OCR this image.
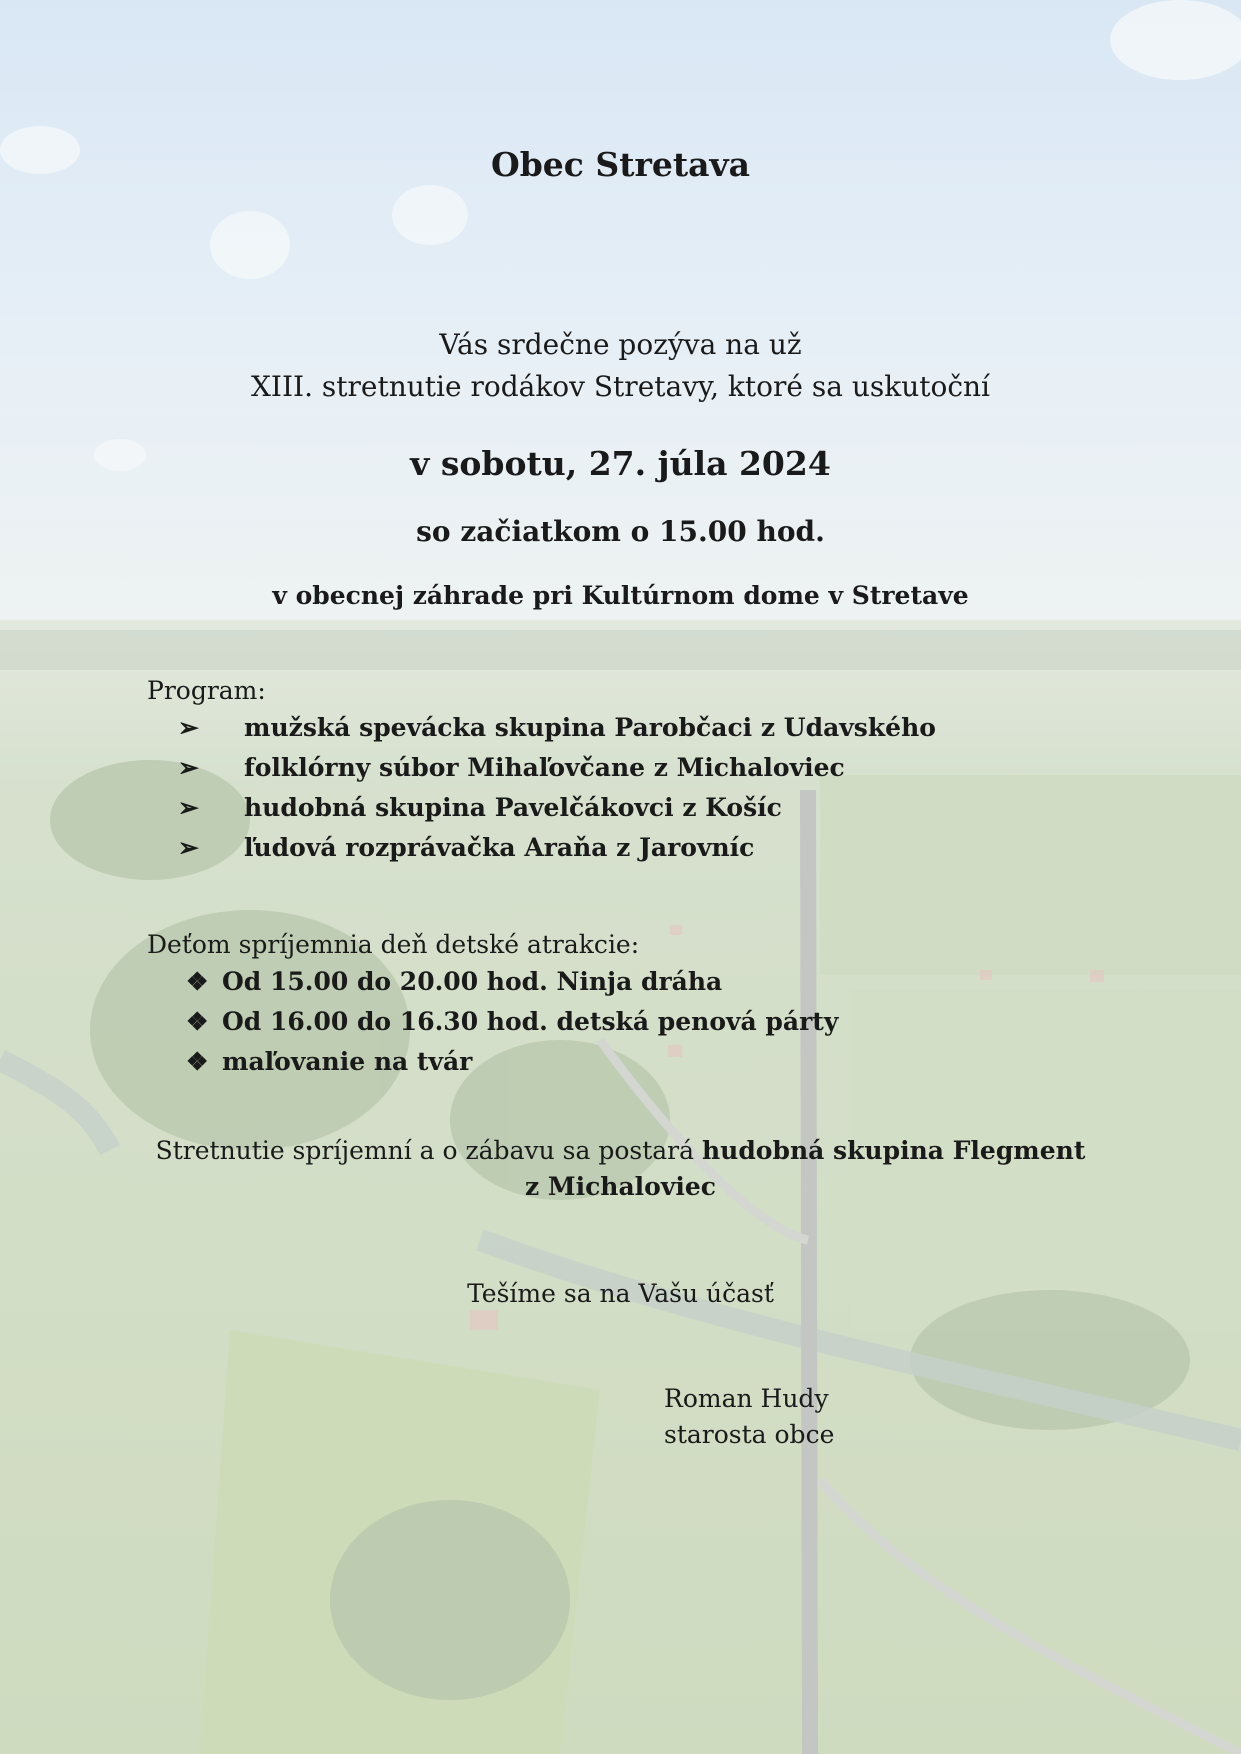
Obec Stretava
Vás srdečne pozýva na už
XIII. stretnutie rodákov Stretavy, ktoré sa uskutoční
v sobotu, 27. júla 2024
so začiatkom o 15.00 hod.
v obecnej záhrade pri Kultúrnom dome v Stretave
Program:
➢ mužská spevácka skupina Parobčaci z Udavského
➢ folklórny súbor Mihaľovčane z Michaloviec
➢ hudobná skupina Pavelčákovci z Košíc
➢ ľudová rozprávačka Araňa z Jarovníc
Deťom spríjemnia deň detské atrakcie:
❖ Od 15.00 do 20.00 hod. Ninja dráha
❖ Od 16.00 do 16.30 hod. detská penová párty
❖ maľovanie na tvár
Stretnutie spríjemní a o zábavu sa postará hudobná skupina Flegment
z Michaloviec
Tešíme sa na Vašu účasť
Roman Hudy
starosta obce
